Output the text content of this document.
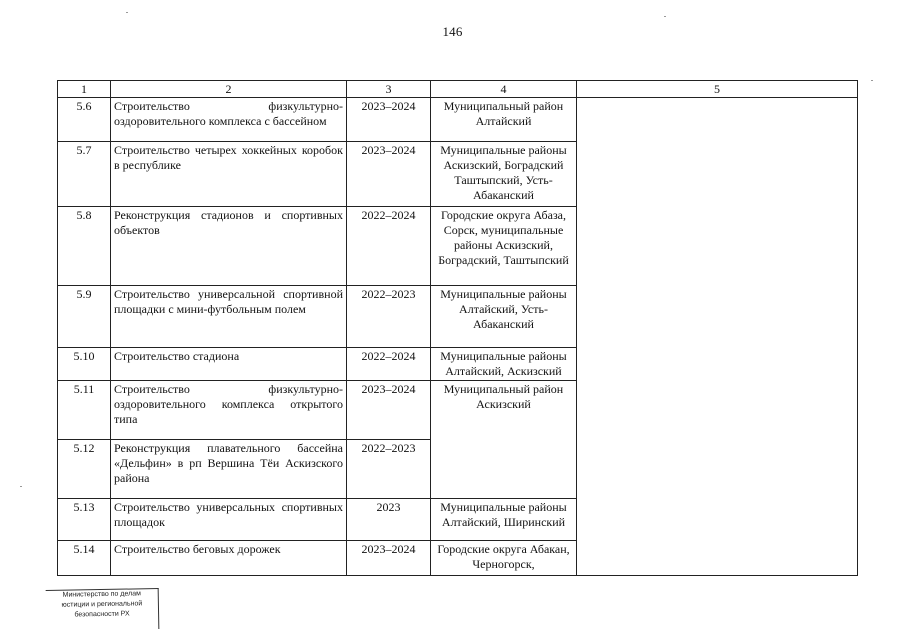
146
1	2	3	4	5
5.6	Строительство физкультурно-оздоровительного комплекса с бассейном	2023–2024	Муниципальный район Алтайский	
5.7	Строительство четырех хоккейных коробок в республике	2023–2024	Муниципальные районы Аскизский, Боградский Таштыпский, Усть-Абаканский	
5.8	Реконструкция стадионов и спортивных объектов	2022–2024	Городские округа Абаза, Сорск, муниципальные районы Аскизский, Боградский, Таштыпский	
5.9	Строительство универсальной спортивной площадки с мини-футбольным полем	2022–2023	Муниципальные районы Алтайский, Усть-Абаканский	
5.10	Строительство стадиона	2022–2024	Муниципальные районы Алтайский, Аскизский	
5.11	Строительство физкультурно-оздоровительного комплекса открытого типа	2023–2024	Муниципальный район Аскизский	
5.12	Реконструкция плавательного бассейна «Дельфин» в рп Вершина Тёи Аскизского района	2022–2023		
5.13	Строительство универсальных спортивных площадок	2023	Муниципальные районы Алтайский, Ширинский	
5.14	Строительство беговых дорожек	2023–2024	Городские округа Абакан, Черногорск,	
Министерство по делам
юстиции и региональной
безопасности РХ
